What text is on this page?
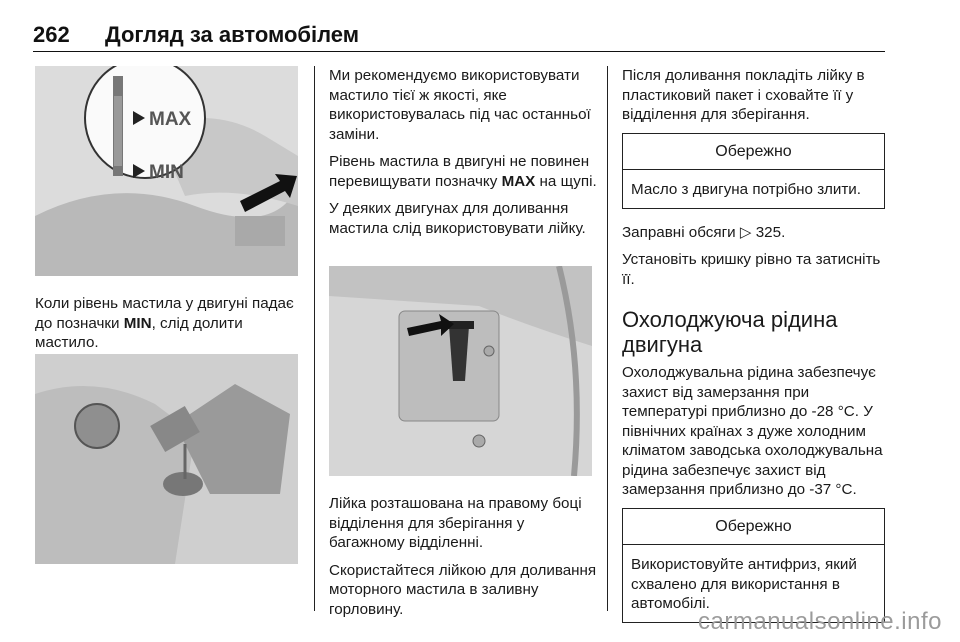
262 Догляд за автомобілем
MAX
MIN

Коли рівень мастила у двигуні падає до позначки MIN, слід долити мастило.

Ми рекомендуємо використовувати мастило тієї ж якості, яке використовувалась під час останньої заміни.

Рівень мастила в двигуні не повинен перевищувати позначку MAX на щупі.

У деяких двигунах для доливання мастила слід використовувати лійку.

Лійка розташована на правому боці відділення для зберігання у багажному відділенні.

Скористайтеся лійкою для доливання моторного мастила в заливну горловину.

Після доливання покладіть лійку в пластиковий пакет і сховайте її у відділення для зберігання.

Обережно
Масло з двигуна потрібно злити.

Заправні обсяги ▷ 325.

Установіть кришку рівно та затисніть її.

Охолоджуюча рідина двигуна

Охолоджувальна рідина забезпечує захист від замерзання при температурі приблизно до -28 °C. У північних країнах з дуже холодним кліматом заводська охолоджувальна рідина забезпечує захист від замерзання приблизно до -37 °C.

Обережно
Використовуйте антифриз, який схвалено для використання в автомобілі.
carmanualsonline.info
